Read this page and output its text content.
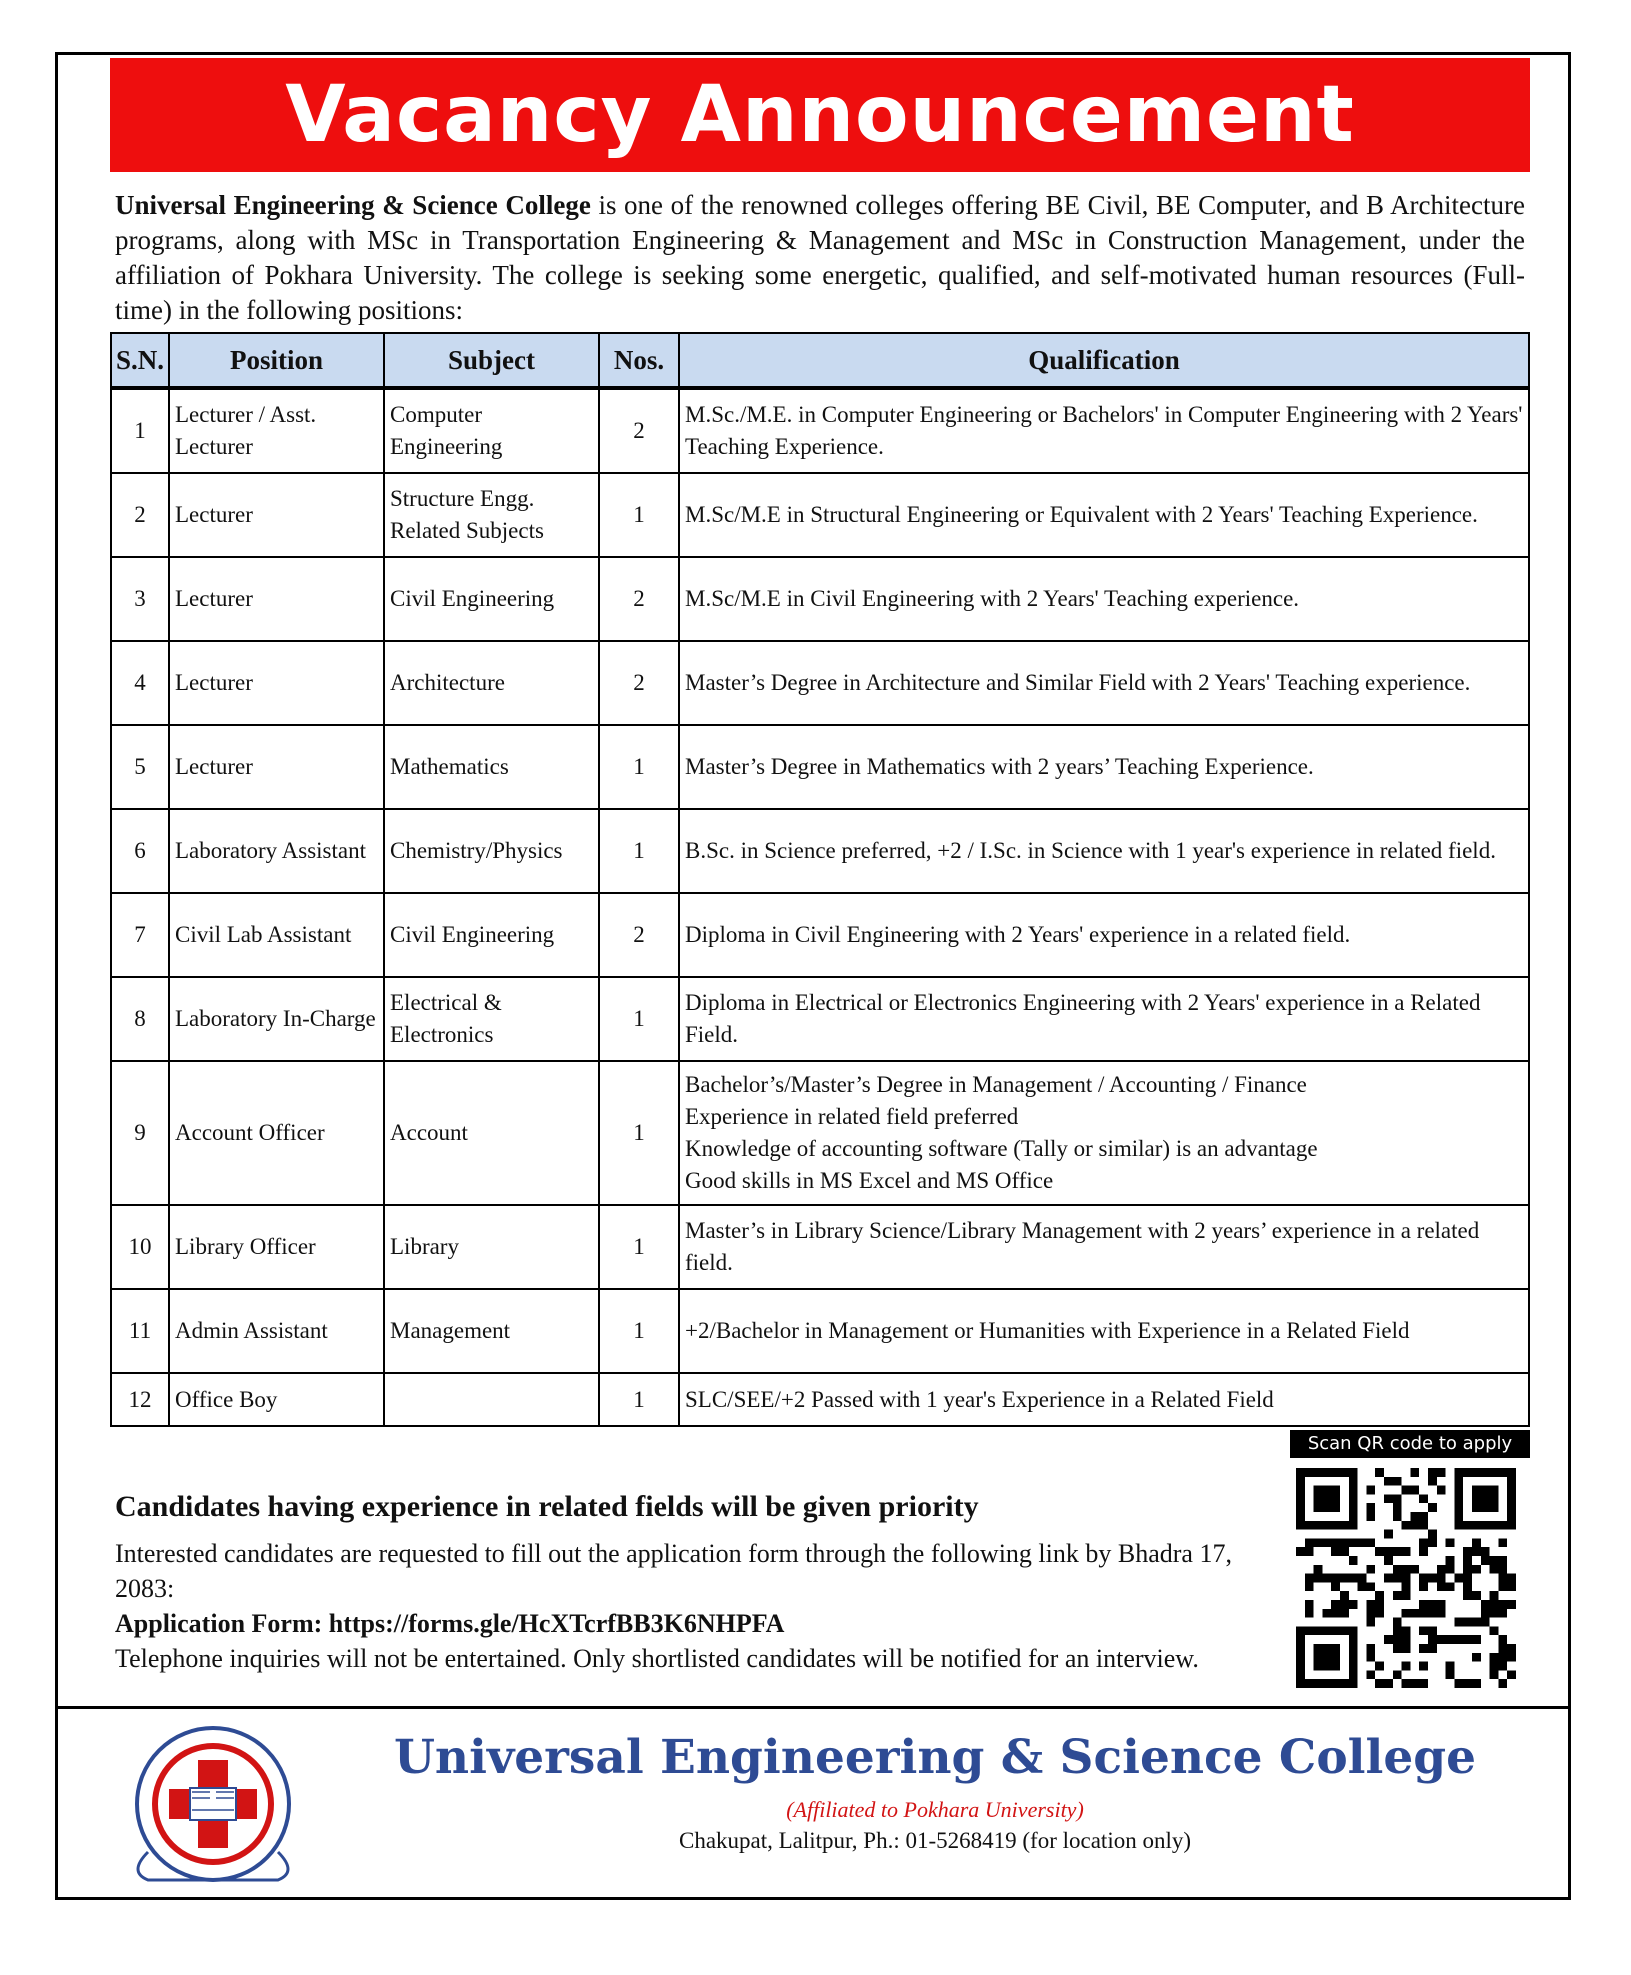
Vacancy Announcement
Universal Engineering & Science College is one of the renowned colleges offering BE Civil, BE Computer, and B Architecture programs, along with MSc in Transportation Engineering & Management and MSc in Construction Management, under the affiliation of Pokhara University. The college is seeking some energetic, qualified, and self-motivated human resources (Full-time) in the following positions:
S.N.	Position	Subject	Nos.	Qualification
1	Lecturer / Asst. Lecturer	Computer Engineering	2	M.Sc./M.E. in Computer Engineering or Bachelors' in Computer Engineering with 2 Years' Teaching Experience.

2	Lecturer	Structure Engg. Related Subjects	1	M.Sc/M.E in Structural Engineering or Equivalent with 2 Years' Teaching Experience.

3	Lecturer	Civil Engineering	2	M.Sc/M.E in Civil Engineering with 2 Years' Teaching experience.

4	Lecturer	Architecture	2	Master’s Degree in Architecture and Similar Field with 2 Years' Teaching experience.

5	Lecturer	Mathematics	1	Master’s Degree in Mathematics with 2 years’ Teaching Experience.

6	Laboratory Assistant	Chemistry/Physics	1	B.Sc. in Science preferred, +2 / I.Sc. in Science with 1 year's experience in related field.

7	Civil Lab Assistant	Civil Engineering	2	Diploma in Civil Engineering with 2 Years' experience in a related field.

8	Laboratory In-Charge	Electrical & Electronics	1	Diploma in Electrical or Electronics Engineering with 2 Years' experience in a Related Field.

9	Account Officer	Account	1	Bachelor’s/Master’s Degree in Management / Accounting / Finance
Experience in related field preferred
Knowledge of accounting software (Tally or similar) is an advantage
Good skills in MS Excel and MS Office

10	Library Officer	Library	1	Master’s in Library Science/Library Management with 2 years’ experience in a related field.

11	Admin Assistant	Management	1	+2/Bachelor in Management or Humanities with Experience in a Related Field

12	Office Boy		1	SLC/SEE/+2 Passed with 1 year's Experience in a Related Field
Scan QR code to apply
Candidates having experience in related fields will be given priority

Interested candidates are requested to fill out the application form through the following link by Bhadra 17, 2083:

Application Form: https://forms.gle/HcXTcrfBB3K6NHPFA

Telephone inquiries will not be entertained. Only shortlisted candidates will be notified for an interview.

Universal Engineering & Science College
(Affiliated to Pokhara University)
Chakupat, Lalitpur, Ph.: 01-5268419 (for location only)
